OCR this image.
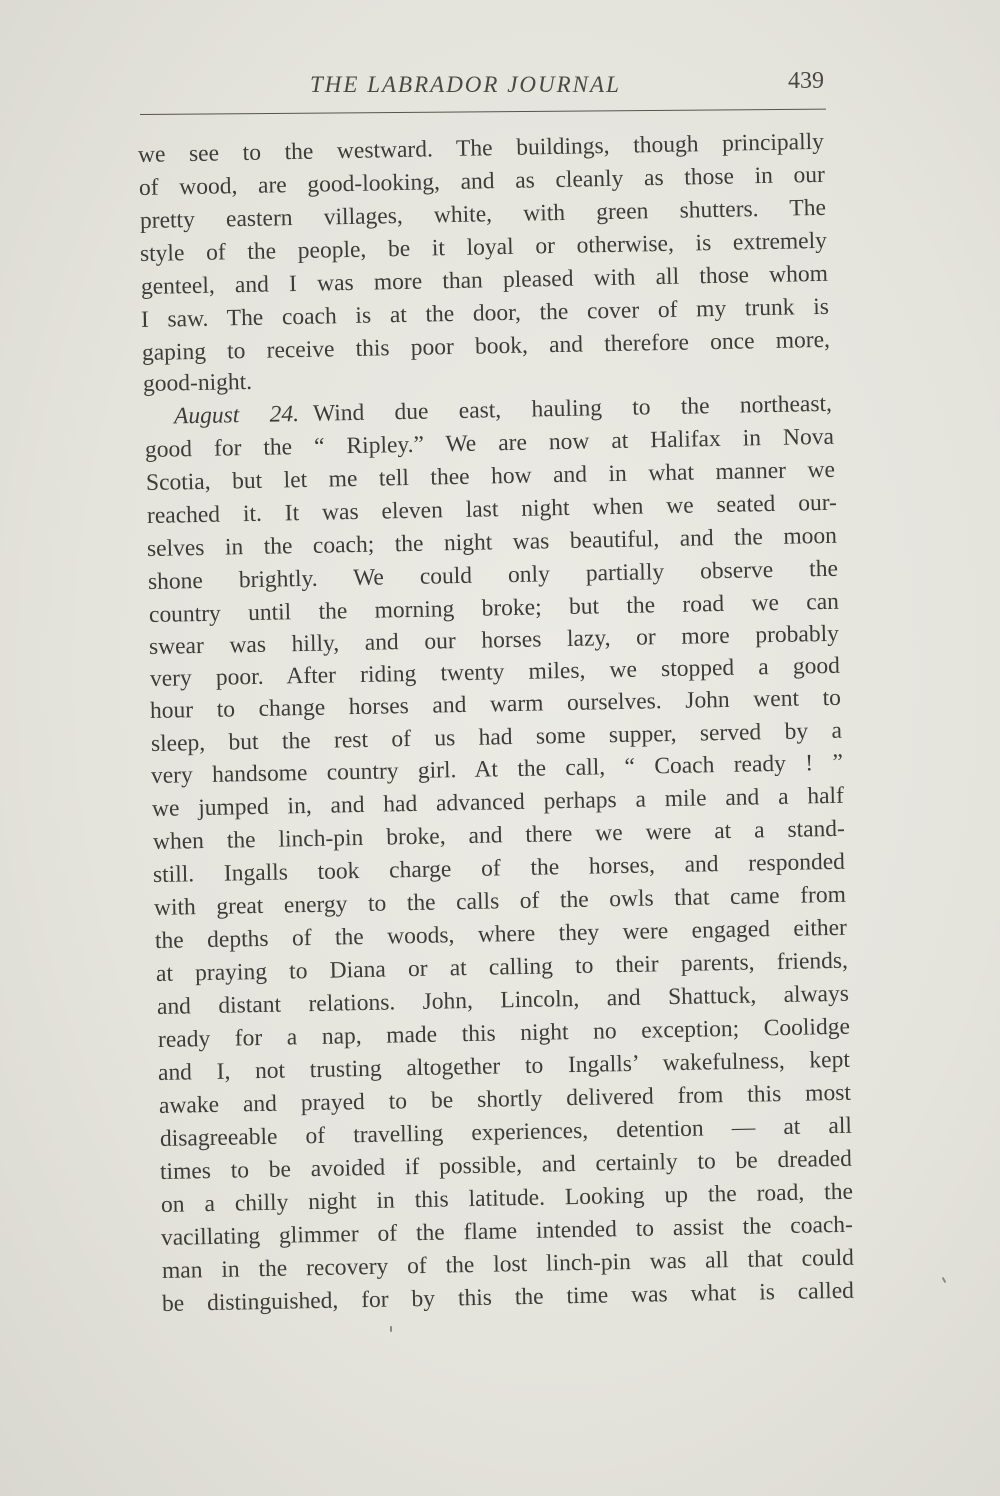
THE LABRADOR JOURNAL	439
we see to the westward. The buildings, though principally
of wood, are good-looking, and as cleanly as those in our
pretty eastern villages, white, with green shutters. The
style of the people, be it loyal or otherwise, is extremely
genteel, and I was more than pleased with all those whom
I saw. The coach is at the door, the cover of my trunk is
gaping to receive this poor book, and therefore once more,
good-night.
August 24. Wind due east, hauling to the northeast,
good for the “ Ripley.” We are now at Halifax in Nova
Scotia, but let me tell thee how and in what manner we
reached it. It was eleven last night when we seated our-
selves in the coach; the night was beautiful, and the moon
shone brightly. We could only partially observe the
country until the morning broke; but the road we can
swear was hilly, and our horses lazy, or more probably
very poor. After riding twenty miles, we stopped a good
hour to change horses and warm ourselves. John went to
sleep, but the rest of us had some supper, served by a
very handsome country girl. At the call, “ Coach ready ! ”
we jumped in, and had advanced perhaps a mile and a half
when the linch-pin broke, and there we were at a stand-
still. Ingalls took charge of the horses, and responded
with great energy to the calls of the owls that came from
the depths of the woods, where they were engaged either
at praying to Diana or at calling to their parents, friends,
and distant relations. John, Lincoln, and Shattuck, always
ready for a nap, made this night no exception; Coolidge
and I, not trusting altogether to Ingalls’ wakefulness, kept
awake and prayed to be shortly delivered from this most
disagreeable of travelling experiences, detention — at all
times to be avoided if possible, and certainly to be dreaded
on a chilly night in this latitude. Looking up the road, the
vacillating glimmer of the flame intended to assist the coach-
man in the recovery of the lost linch-pin was all that could
be distinguished, for by this the time was what is called
